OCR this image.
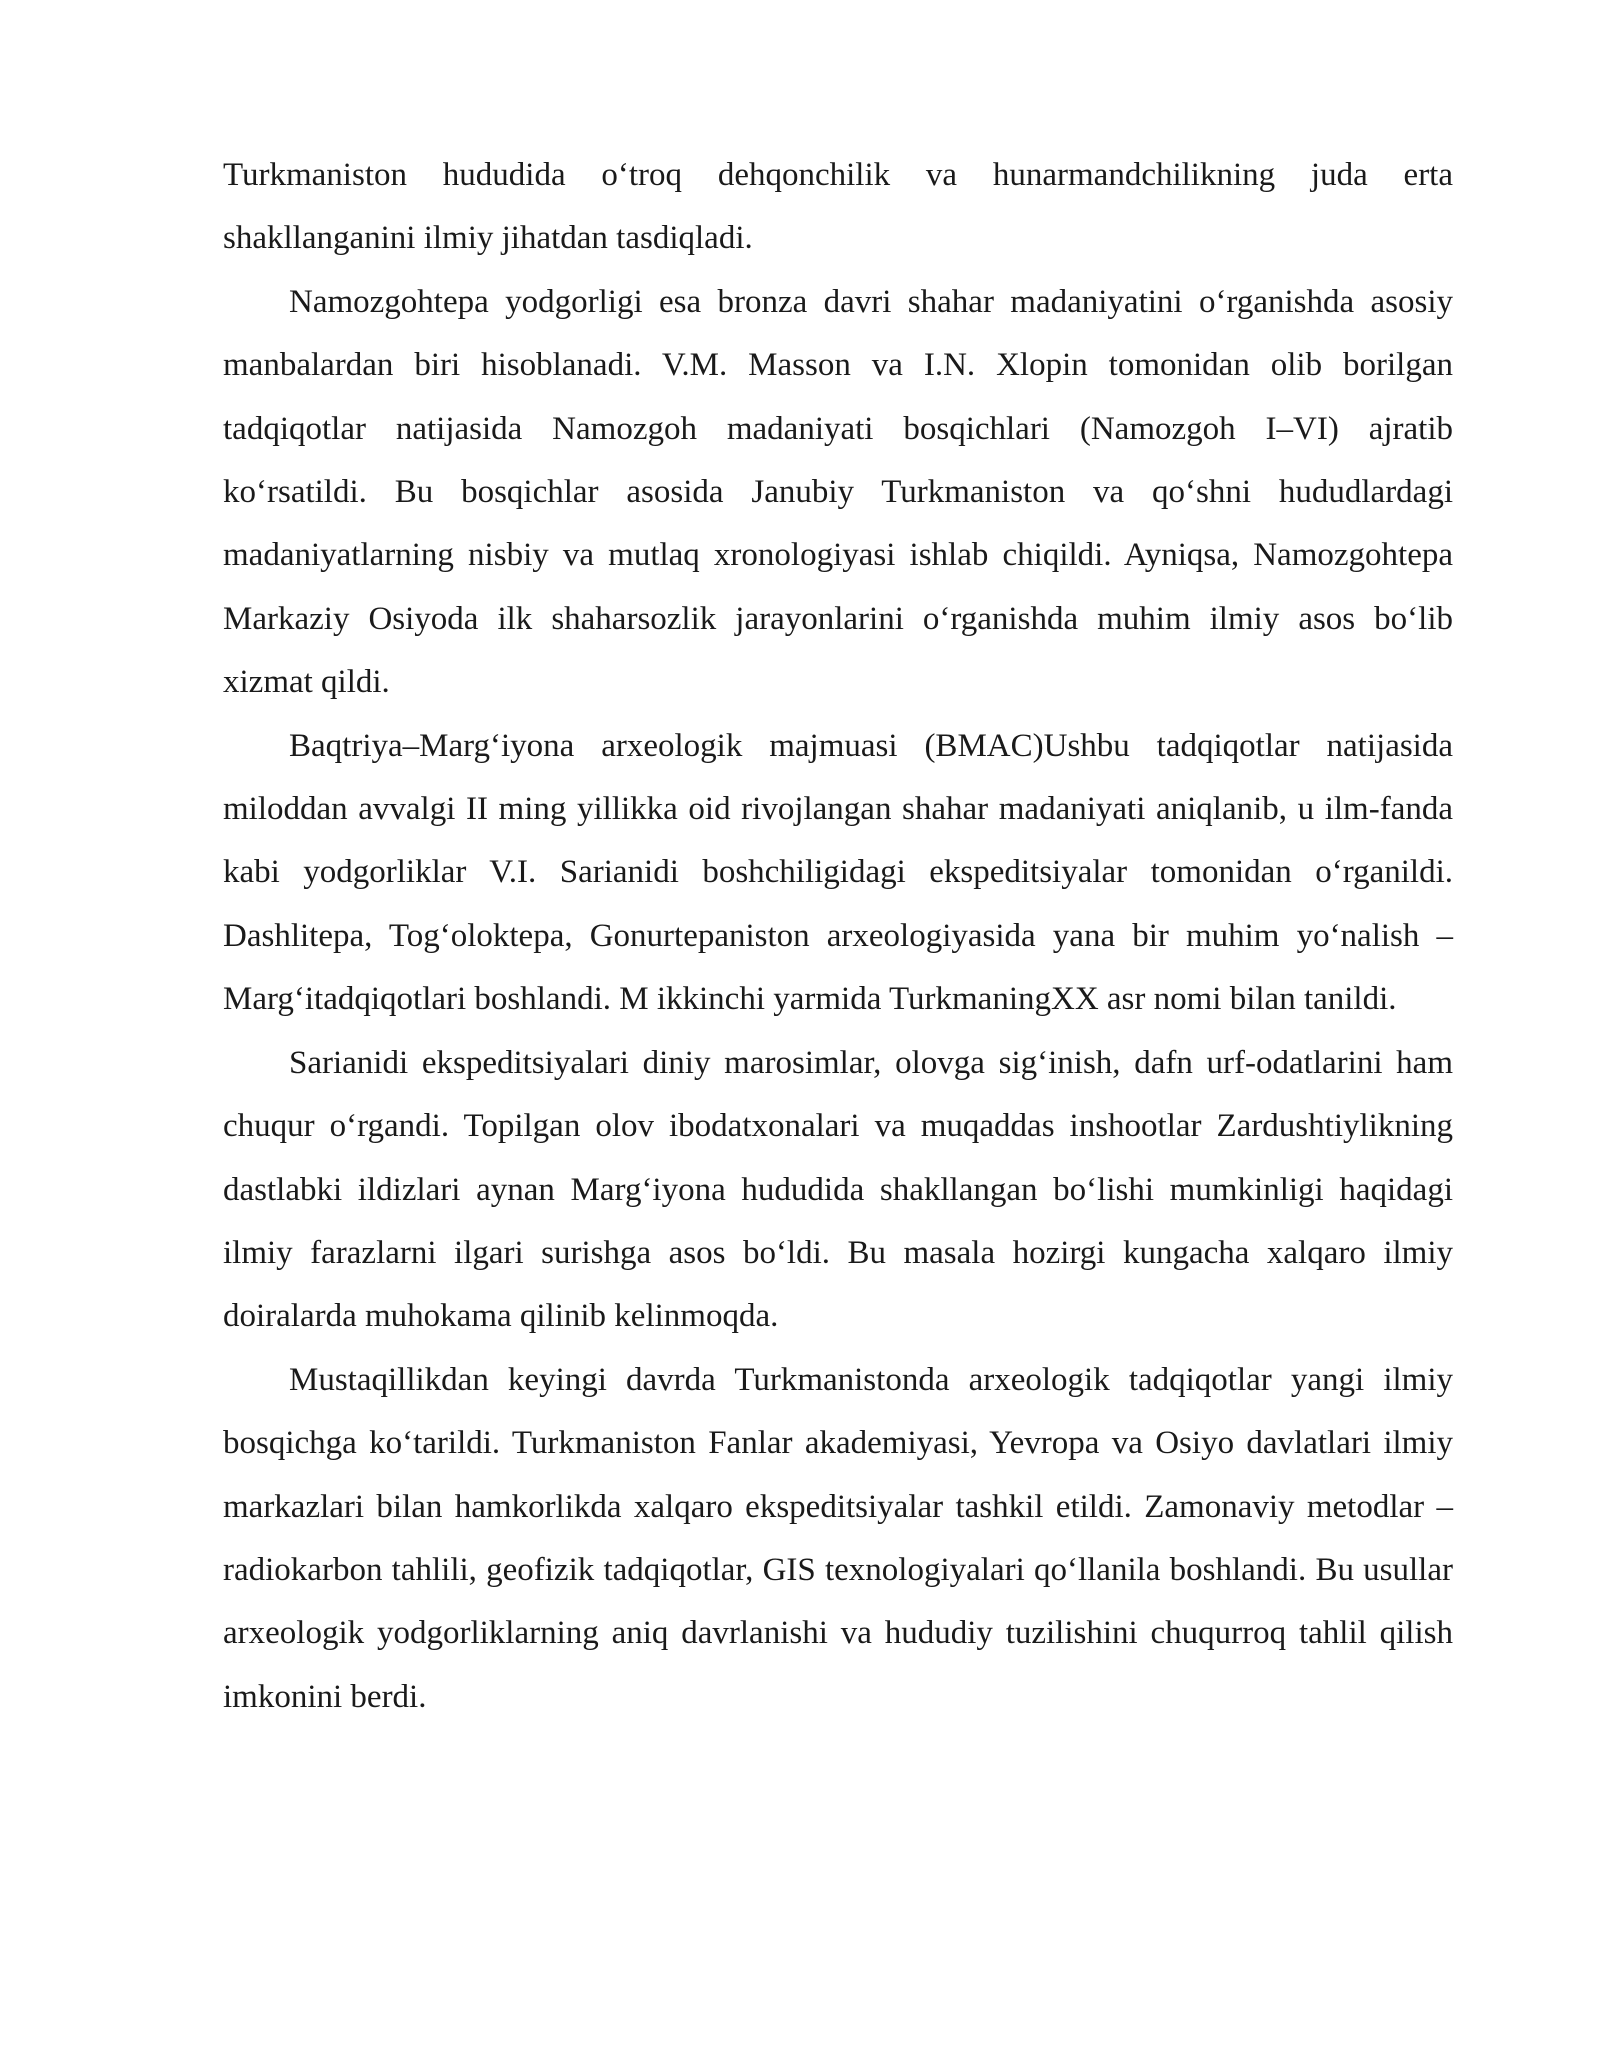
Turkmaniston hududida o‘troq dehqonchilik va hunarmandchilikning juda erta shakllanganini ilmiy jihatdan tasdiqladi.

Namozgohtepa yodgorligi esa bronza davri shahar madaniyatini o‘rganishda asosiy manbalardan biri hisoblanadi. V.M. Masson va I.N. Xlopin tomonidan olib borilgan tadqiqotlar natijasida Namozgoh madaniyati bosqichlari (Namozgoh I–VI) ajratib ko‘rsatildi. Bu bosqichlar asosida Janubiy Turkmaniston va qo‘shni hududlardagi madaniyatlarning nisbiy va mutlaq xronologiyasi ishlab chiqildi. Ayniqsa, Namozgohtepa Markaziy Osiyoda ilk shaharsozlik jarayonlarini o‘rganishda muhim ilmiy asos bo‘lib xizmat qildi.

Baqtriya–Marg‘iyona arxeologik majmuasi (BMAC)Ushbu tadqiqotlar natijasida miloddan avvalgi II ming yillikka oid rivojlangan shahar madaniyati aniqlanib, u ilm-fanda kabi yodgorliklar V.I. Sarianidi boshchiligidagi ekspeditsiyalar tomonidan o‘rganildi. Dashlitepa, Tog‘oloktepa, Gonurtepaniston arxeologiyasida yana bir muhim yo‘nalish – Marg‘itadqiqotlari boshlandi. M ikkinchi yarmida TurkmaningXX asr nomi bilan tanildi.

Sarianidi ekspeditsiyalari diniy marosimlar, olovga sig‘inish, dafn urf-odatlarini ham chuqur o‘rgandi. Topilgan olov ibodatxonalari va muqaddas inshootlar Zardushtiylikning dastlabki ildizlari aynan Marg‘iyona hududida shakllangan bo‘lishi mumkinligi haqidagi ilmiy farazlarni ilgari surishga asos bo‘ldi. Bu masala hozirgi kungacha xalqaro ilmiy doiralarda muhokama qilinib kelinmoqda.

Mustaqillikdan keyingi davrda Turkmanistonda arxeologik tadqiqotlar yangi ilmiy bosqichga ko‘tarildi. Turkmaniston Fanlar akademiyasi, Yevropa va Osiyo davlatlari ilmiy markazlari bilan hamkorlikda xalqaro ekspeditsiyalar tashkil etildi. Zamonaviy metodlar – radiokarbon tahlili, geofizik tadqiqotlar, GIS texnologiyalari qo‘llanila boshlandi. Bu usullar arxeologik yodgorliklarning aniq davrlanishi va hududiy tuzilishini chuqurroq tahlil qilish imkonini berdi.
